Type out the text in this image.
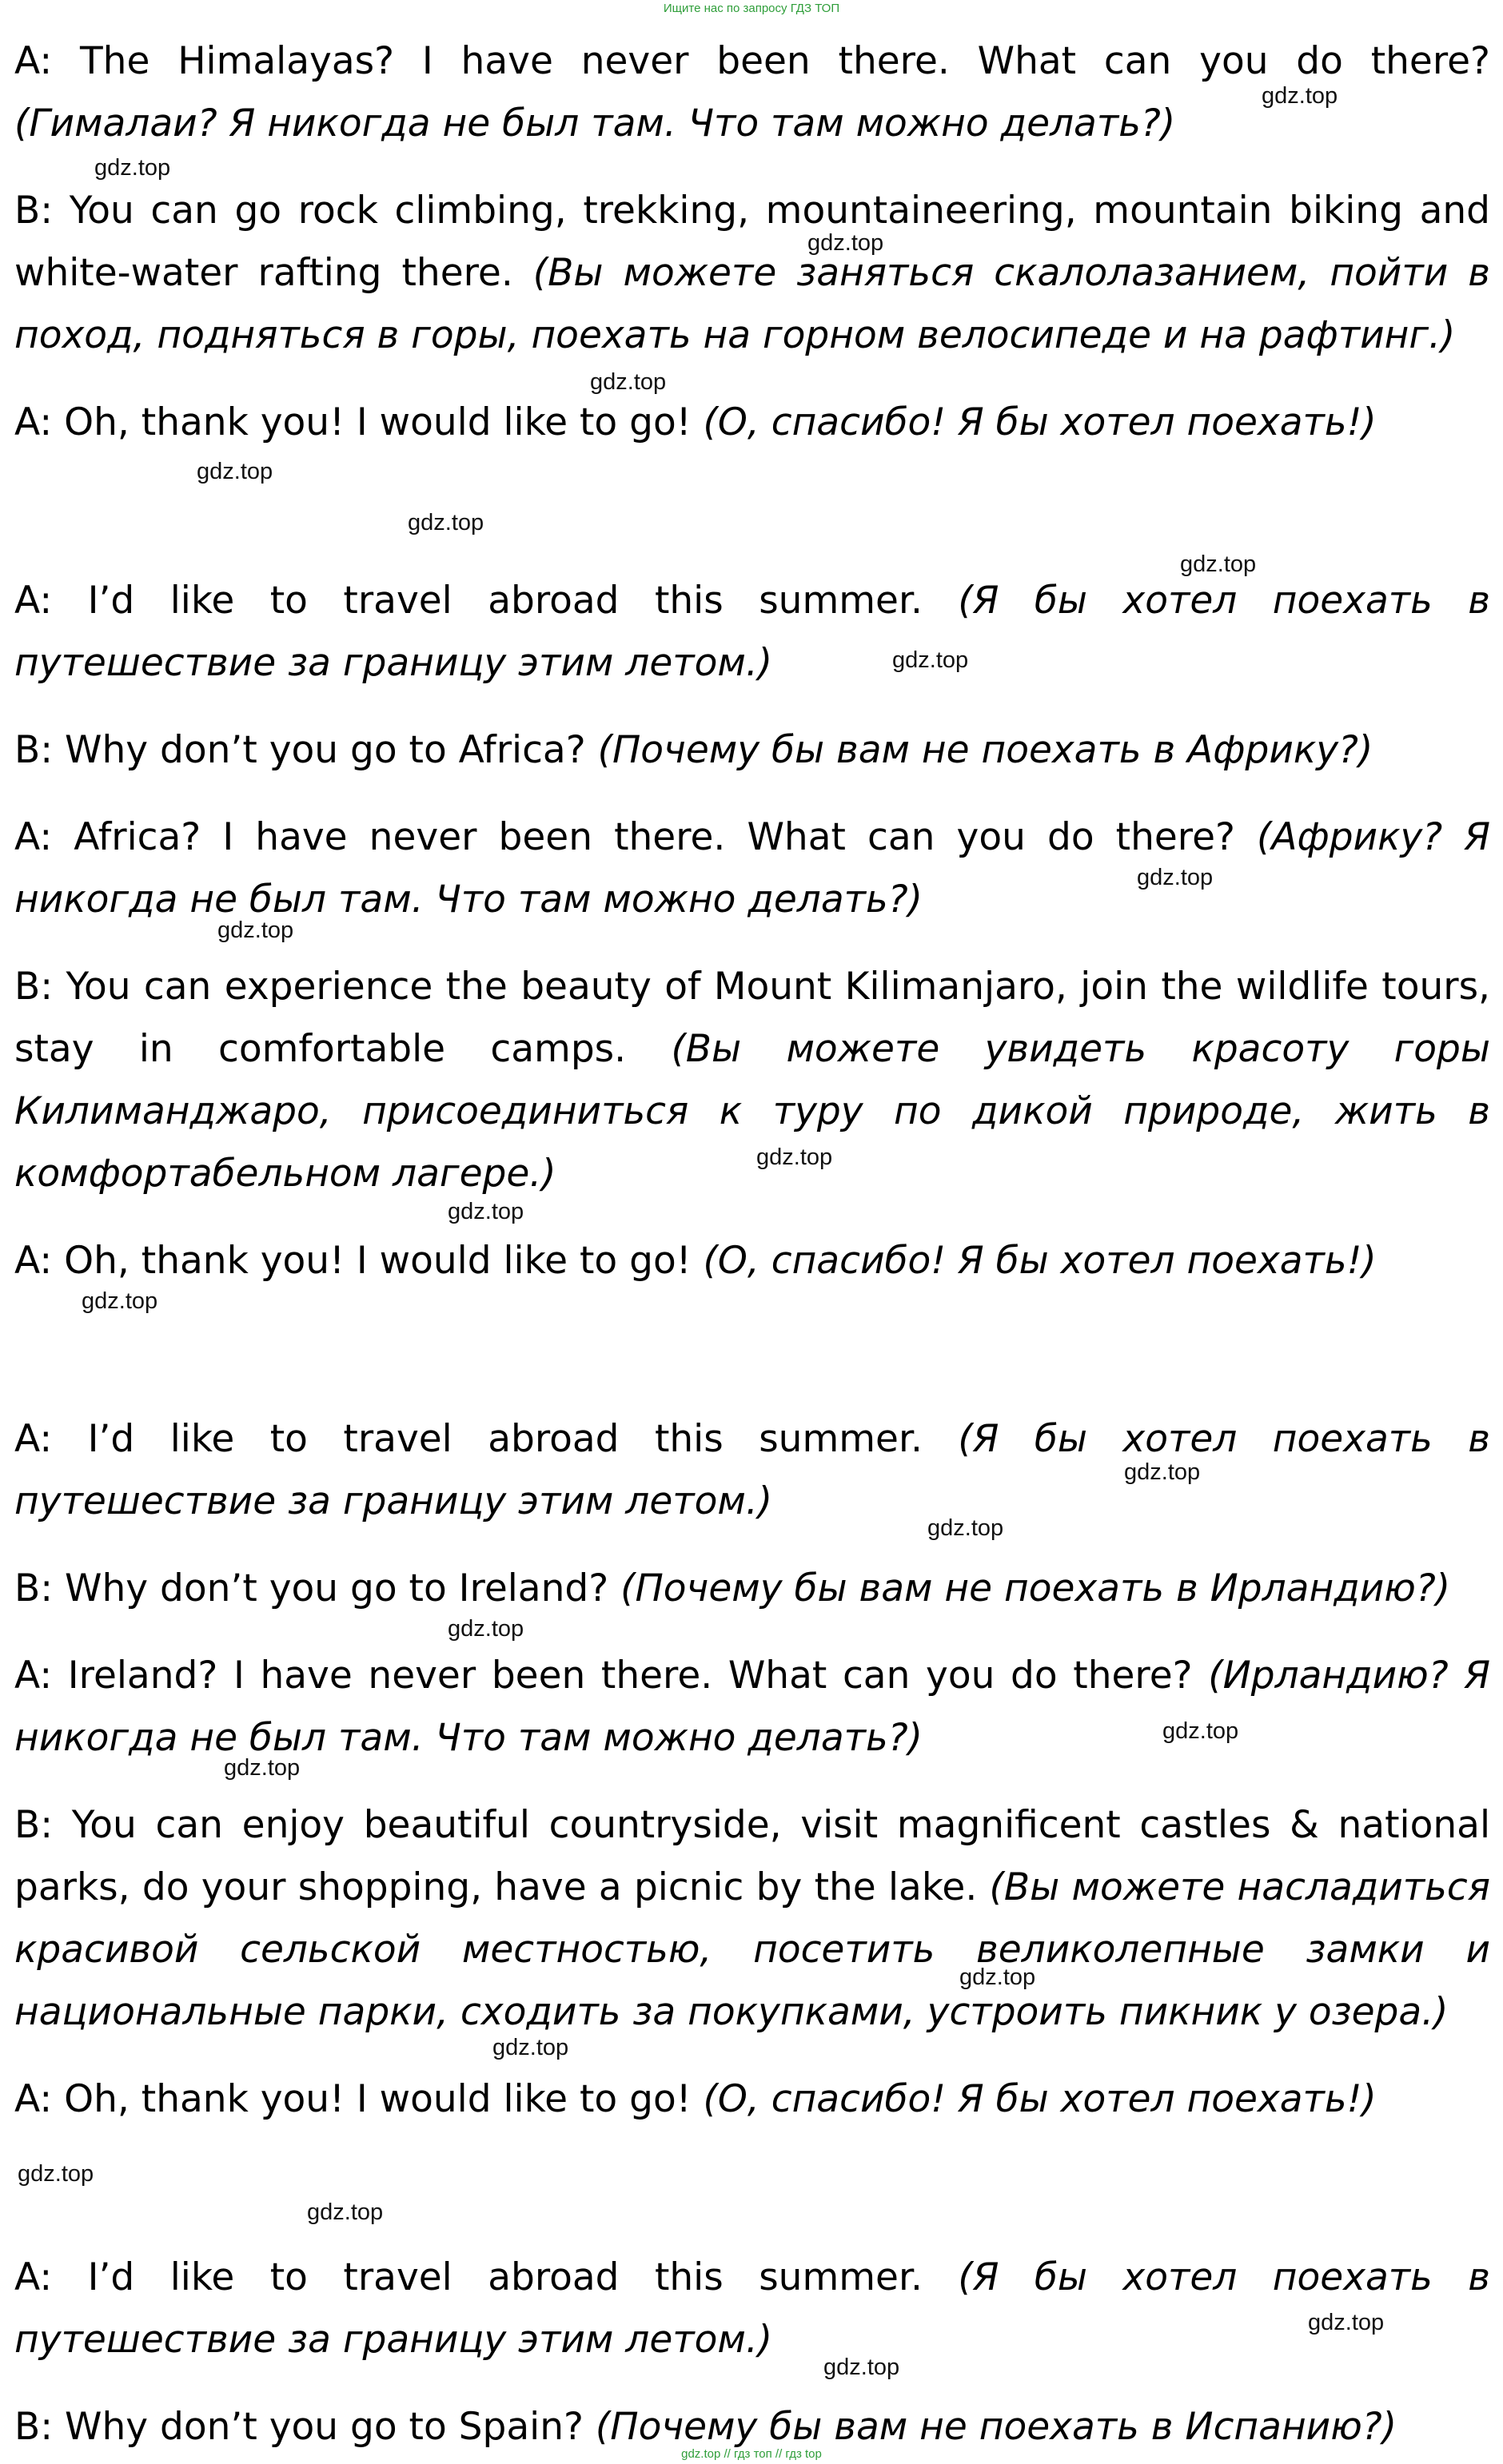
Ищите нас по запросу ГДЗ ТОП
A: The Himalayas? I have never been there. What can you do there?
(Гималаи? Я никогда не был там. Что там можно делать?)
B: You can go rock climbing, trekking, mountaineering, mountain biking and
white-water rafting there. (Вы можете заняться скалолазанием, пойти в
поход, подняться в горы, поехать на горном велосипеде и на рафтинг.)
A: Oh, thank you! I would like to go! (О, спасибо! Я бы хотел поехать!)
A: I’d like to travel abroad this summer. (Я бы хотел поехать в
путешествие за границу этим летом.)
B: Why don’t you go to Africa? (Почему бы вам не поехать в Африку?)
A: Africa? I have never been there. What can you do there? (Африку? Я
никогда не был там. Что там можно делать?)
B: You can experience the beauty of Mount Kilimanjaro, join the wildlife tours,
stay in comfortable camps. (Вы можете увидеть красоту горы
Килиманджаро, присоединиться к туру по дикой природе, жить в
комфортабельном лагере.)
A: Oh, thank you! I would like to go! (О, спасибо! Я бы хотел поехать!)
A: I’d like to travel abroad this summer. (Я бы хотел поехать в
путешествие за границу этим летом.)
B: Why don’t you go to Ireland? (Почему бы вам не поехать в Ирландию?)
A: Ireland? I have never been there. What can you do there? (Ирландию? Я
никогда не был там. Что там можно делать?)
B: You can enjoy beautiful countryside, visit magnificent castles & national
parks, do your shopping, have a picnic by the lake. (Вы можете насладиться
красивой сельской местностью, посетить великолепные замки и
национальные парки, сходить за покупками, устроить пикник у озера.)
A: Oh, thank you! I would like to go! (О, спасибо! Я бы хотел поехать!)
A: I’d like to travel abroad this summer. (Я бы хотел поехать в
путешествие за границу этим летом.)
B: Why don’t you go to Spain? (Почему бы вам не поехать в Испанию?)
gdz.top
gdz.top
gdz.top
gdz.top
gdz.top
gdz.top
gdz.top
gdz.top
gdz.top
gdz.top
gdz.top
gdz.top
gdz.top
gdz.top
gdz.top
gdz.top
gdz.top
gdz.top
gdz.top
gdz.top
gdz.top
gdz.top
gdz.top
gdz.top
gdz.top // гдз топ // гдз top
